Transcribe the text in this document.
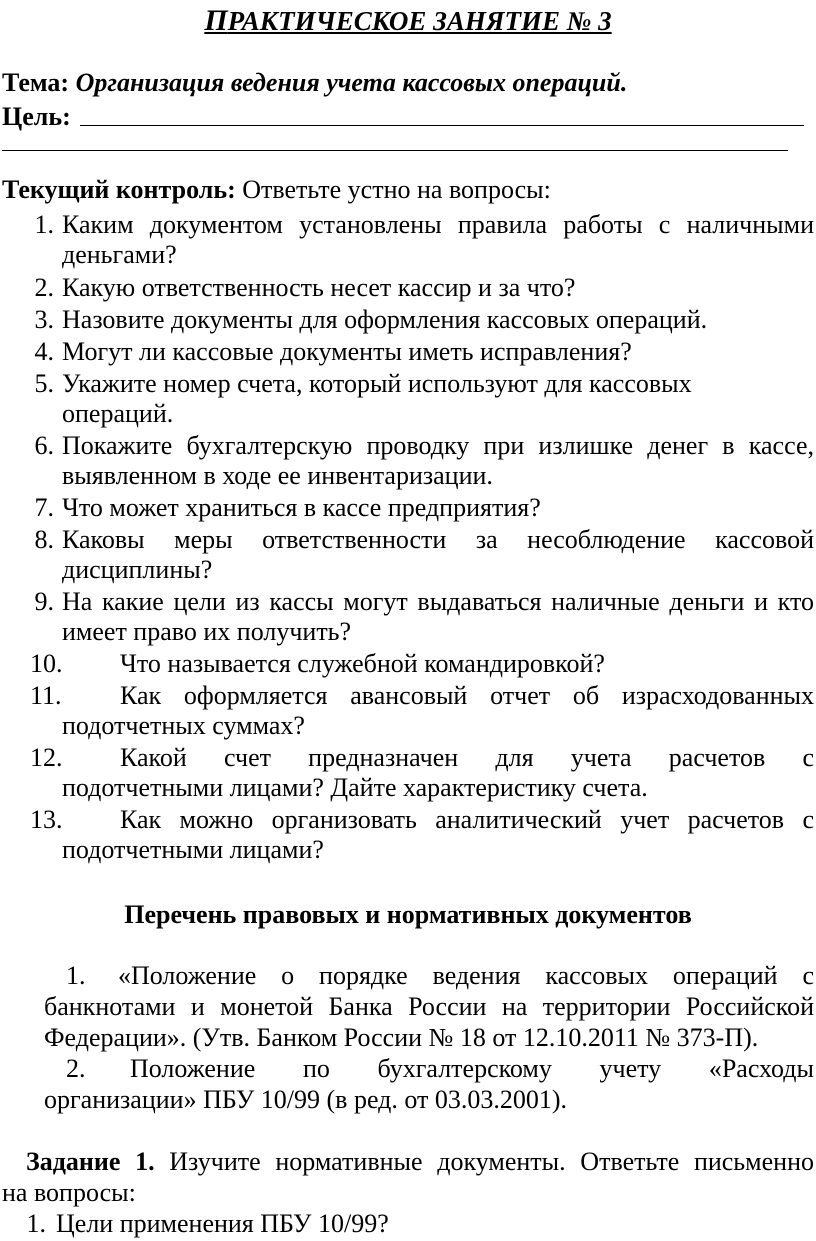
ПРАКТИЧЕСКОЕ ЗАНЯТИЕ № 3
Тема: Организация ведения учета кассовых операций.
Цель:
Текущий контроль: Ответьте устно на вопросы:
1. Каким документом установлены правила работы с наличными
деньгами?
2. Какую ответственность несет кассир и за что?
3. Назовите документы для оформления кассовых операций.
4. Могут ли кассовые документы иметь исправления?
5. Укажите номер счета, который используют для кассовых
операций.
6. Покажите бухгалтерскую проводку при излишке денег в кассе,
выявленном в ходе ее инвентаризации.
7. Что может храниться в кассе предприятия?
8. Каковы меры ответственности за несоблюдение кассовой
дисциплины?
9. На какие цели из кассы могут выдаваться наличные деньги и кто
имеет право их получить?
10. Что называется служебной командировкой?
11. Как оформляется авансовый отчет об израсходованных
подотчетных суммах?
12. Какой счет предназначен для учета расчетов с
подотчетными лицами? Дайте характеристику счета.
13. Как можно организовать аналитический учет расчетов с
подотчетными лицами?
Перечень правовых и нормативных документов
1. «Положение о порядке ведения кассовых операций с
банкнотами и монетой Банка России на территории Российской
Федерации». (Утв. Банком России № 18 от 12.10.2011 № 373-П).
2. Положение по бухгалтерскому учету «Расходы
организации» ПБУ 10/99 (в ред. от 03.03.2001).
Задание 1. Изучите нормативные документы. Ответьте письменно
на вопросы:
1. Цели применения ПБУ 10/99?
